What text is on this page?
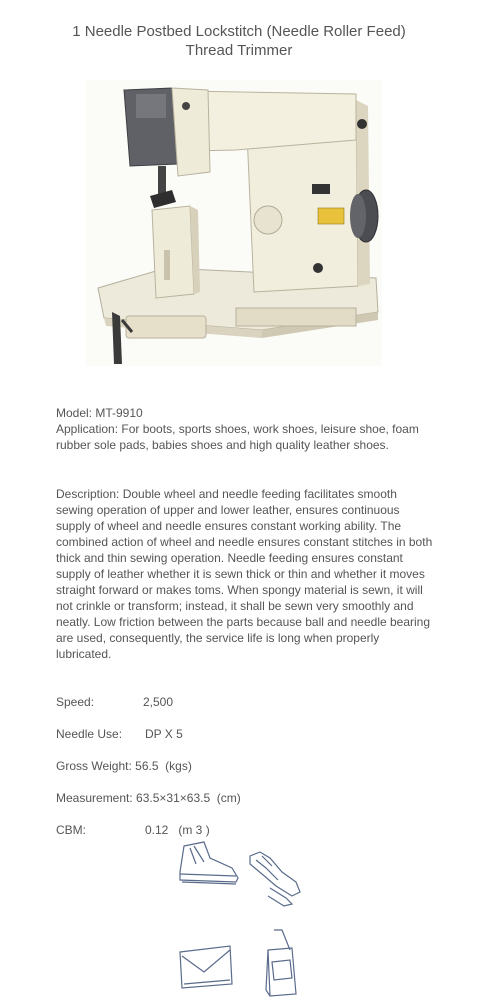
1 Needle Postbed Lockstitch (Needle Roller Feed)
Thread Trimmer
Model: MT-9910
Application: For boots, sports shoes, work shoes, leisure shoe, foam rubber sole pads, babies shoes and high quality leather shoes.
Description: Double wheel and needle feeding facilitates smooth sewing operation of upper and lower leather, ensures continuous supply of wheel and needle ensures constant working ability. The combined action of wheel and needle ensures constant stitches in both thick and thin sewing operation. Needle feeding ensures constant supply of leather whether it is sewn thick or thin and whether it moves straight forward or makes toms. When spongy material is sewn, it will not crinkle or transform; instead, it shall be sewn very smoothly and neatly. Low friction between the parts because ball and needle bearing are used, consequently, the service life is long when properly lubricated.
Speed:	2,500
Needle Use: DP X 5
Gross Weight: 56.5  (kgs)
Measurement: 63.5×31×63.5  (cm)
CBM:	0.12   (m 3 )
